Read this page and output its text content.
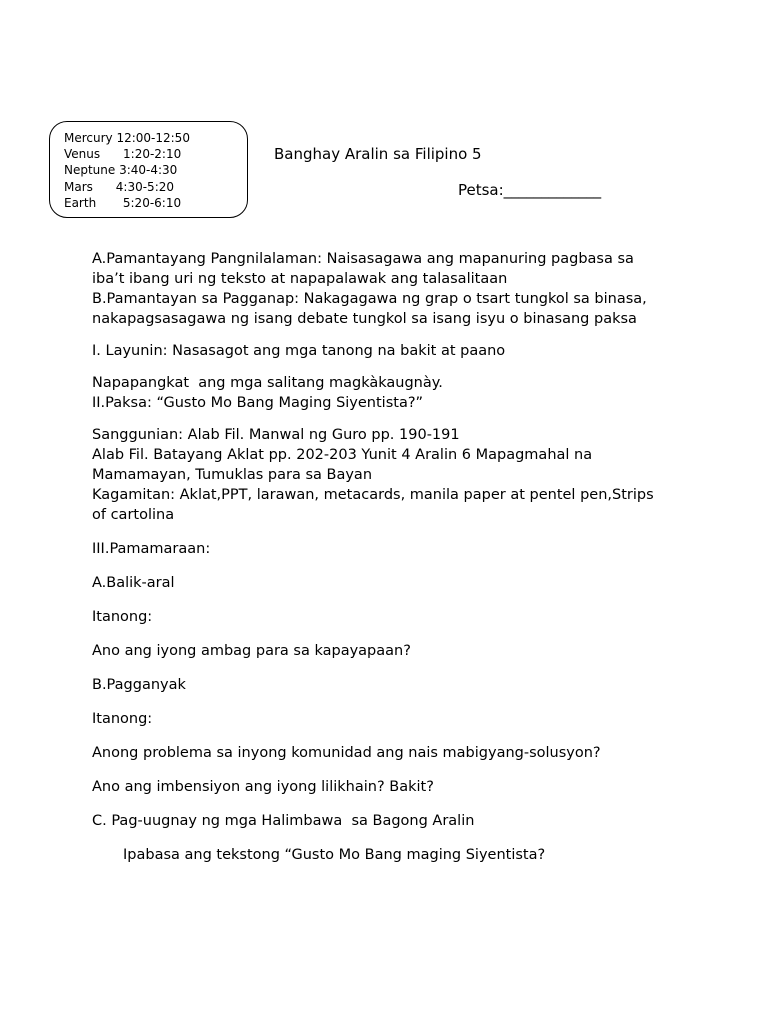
Mercury 12:00-12:50
Venus      1:20-2:10
Neptune 3:40-4:30
Mars      4:30-5:20
Earth       5:20-6:10
Banghay Aralin sa Filipino 5
Petsa:_____________

A.Pamantayang Pangnilalaman: Naisasagawa ang mapanuring pagbasa sa

iba’t ibang uri ng teksto at napapalawak ang talasalitaan

B.Pamantayan sa Pagganap: Nakagagawa ng grap o tsart tungkol sa binasa,

nakapagsasagawa ng isang debate tungkol sa isang isyu o binasang paksa

I. Layunin: Nasasagot ang mga tanong na bakit at paano

Napapangkat  ang mga salitang magkàkaugnày.

II.Paksa: “Gusto Mo Bang Maging Siyentista?”

Sanggunian: Alab Fil. Manwal ng Guro pp. 190-191

Alab Fil. Batayang Aklat pp. 202-203 Yunit 4 Aralin 6 Mapagmahal na

Mamamayan, Tumuklas para sa Bayan

Kagamitan: Aklat,PPT, larawan, metacards, manila paper at pentel pen,Strips

of cartolina

III.Pamamaraan:

A.Balik-aral

Itanong:

Ano ang iyong ambag para sa kapayapaan?

B.Pagganyak

Itanong:

Anong problema sa inyong komunidad ang nais mabigyang-solusyon?

Ano ang imbensiyon ang iyong lilikhain? Bakit?

C. Pag-uugnay ng mga Halimbawa  sa Bagong Aralin

Ipabasa ang tekstong “Gusto Mo Bang maging Siyentista?
